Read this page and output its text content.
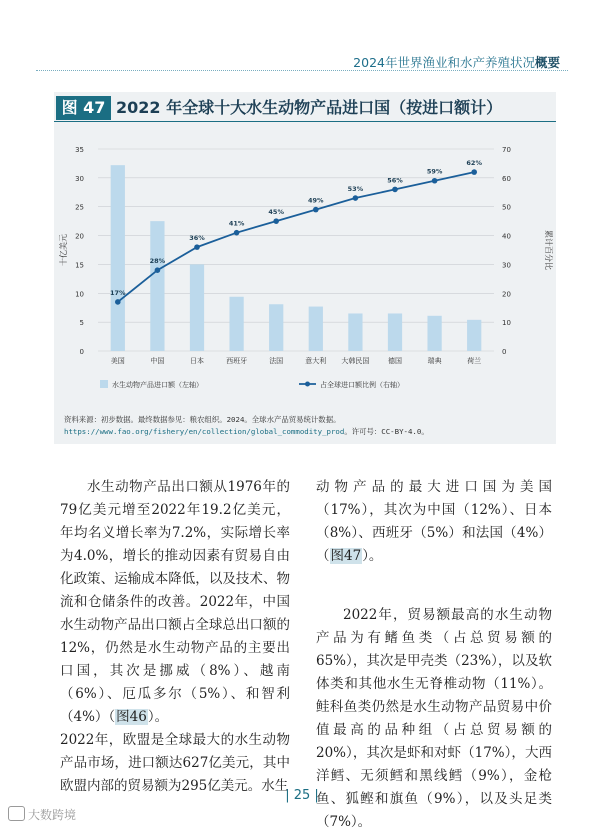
2024年世界渔业和水产养殖状况概要
图 47 2022 年全球十大水生动物产品进口国（按进口额计）
0
5
10
15
20
25
30
35
0
10
20
30
40
50
60
70
十亿美元	累计百分比
美国	中国	日本	西班牙	法国	意大利 大韩民国	德国	瑞典	荷兰
17%
28%
36%
41%
45%
49%
53%
56%
59%
62%
水生动物产品进口额（左轴）	占全球进口额比例（右轴）
资料来源：初步数据。最终数据参见：粮农组织。2024。全球水产品贸易统计数据。https://www.fao.org/fishery/en/collection/global_commodity_prod。许可号：CC-BY-4.0。

水生动物产品出口额从1976年的79亿美元增至2022年19.2亿美元，年均名义增长率为7.2%，实际增长率为4.0%，增长的推动因素有贸易自由化政策、运输成本降低，以及技术、物流和仓储条件的改善。2022年，中国水生动物产品出口额占全球总出口额的12%，仍然是水生动物产品的主要出口国，其次是挪威（8%）、越南（6%）、厄瓜多尔（5%）、和智利（4%）（图46）。

2022年，欧盟是全球最大的水生动物产品市场，进口额达627亿美元，其中欧盟内部的贸易额为295亿美元。水生

动物产品的最大进口国为美国（17%），其次为中国（12%）、日本（8%）、西班牙（5%）和法国（4%）（图47）。

2022年，贸易额最高的水生动物产品为有鳍鱼类（占总贸易额的65%），其次是甲壳类（23%），以及软体类和其他水生无脊椎动物（11%）。鲑科鱼类仍然是水生动物产品贸易中价值最高的品种组（占总贸易额的20%），其次是虾和对虾（17%），大西洋鳕、无须鳕和黑线鳕（9%），金枪鱼、狐鲣和旗鱼（9%），以及头足类（7%）。

| 25 |
大数跨境
